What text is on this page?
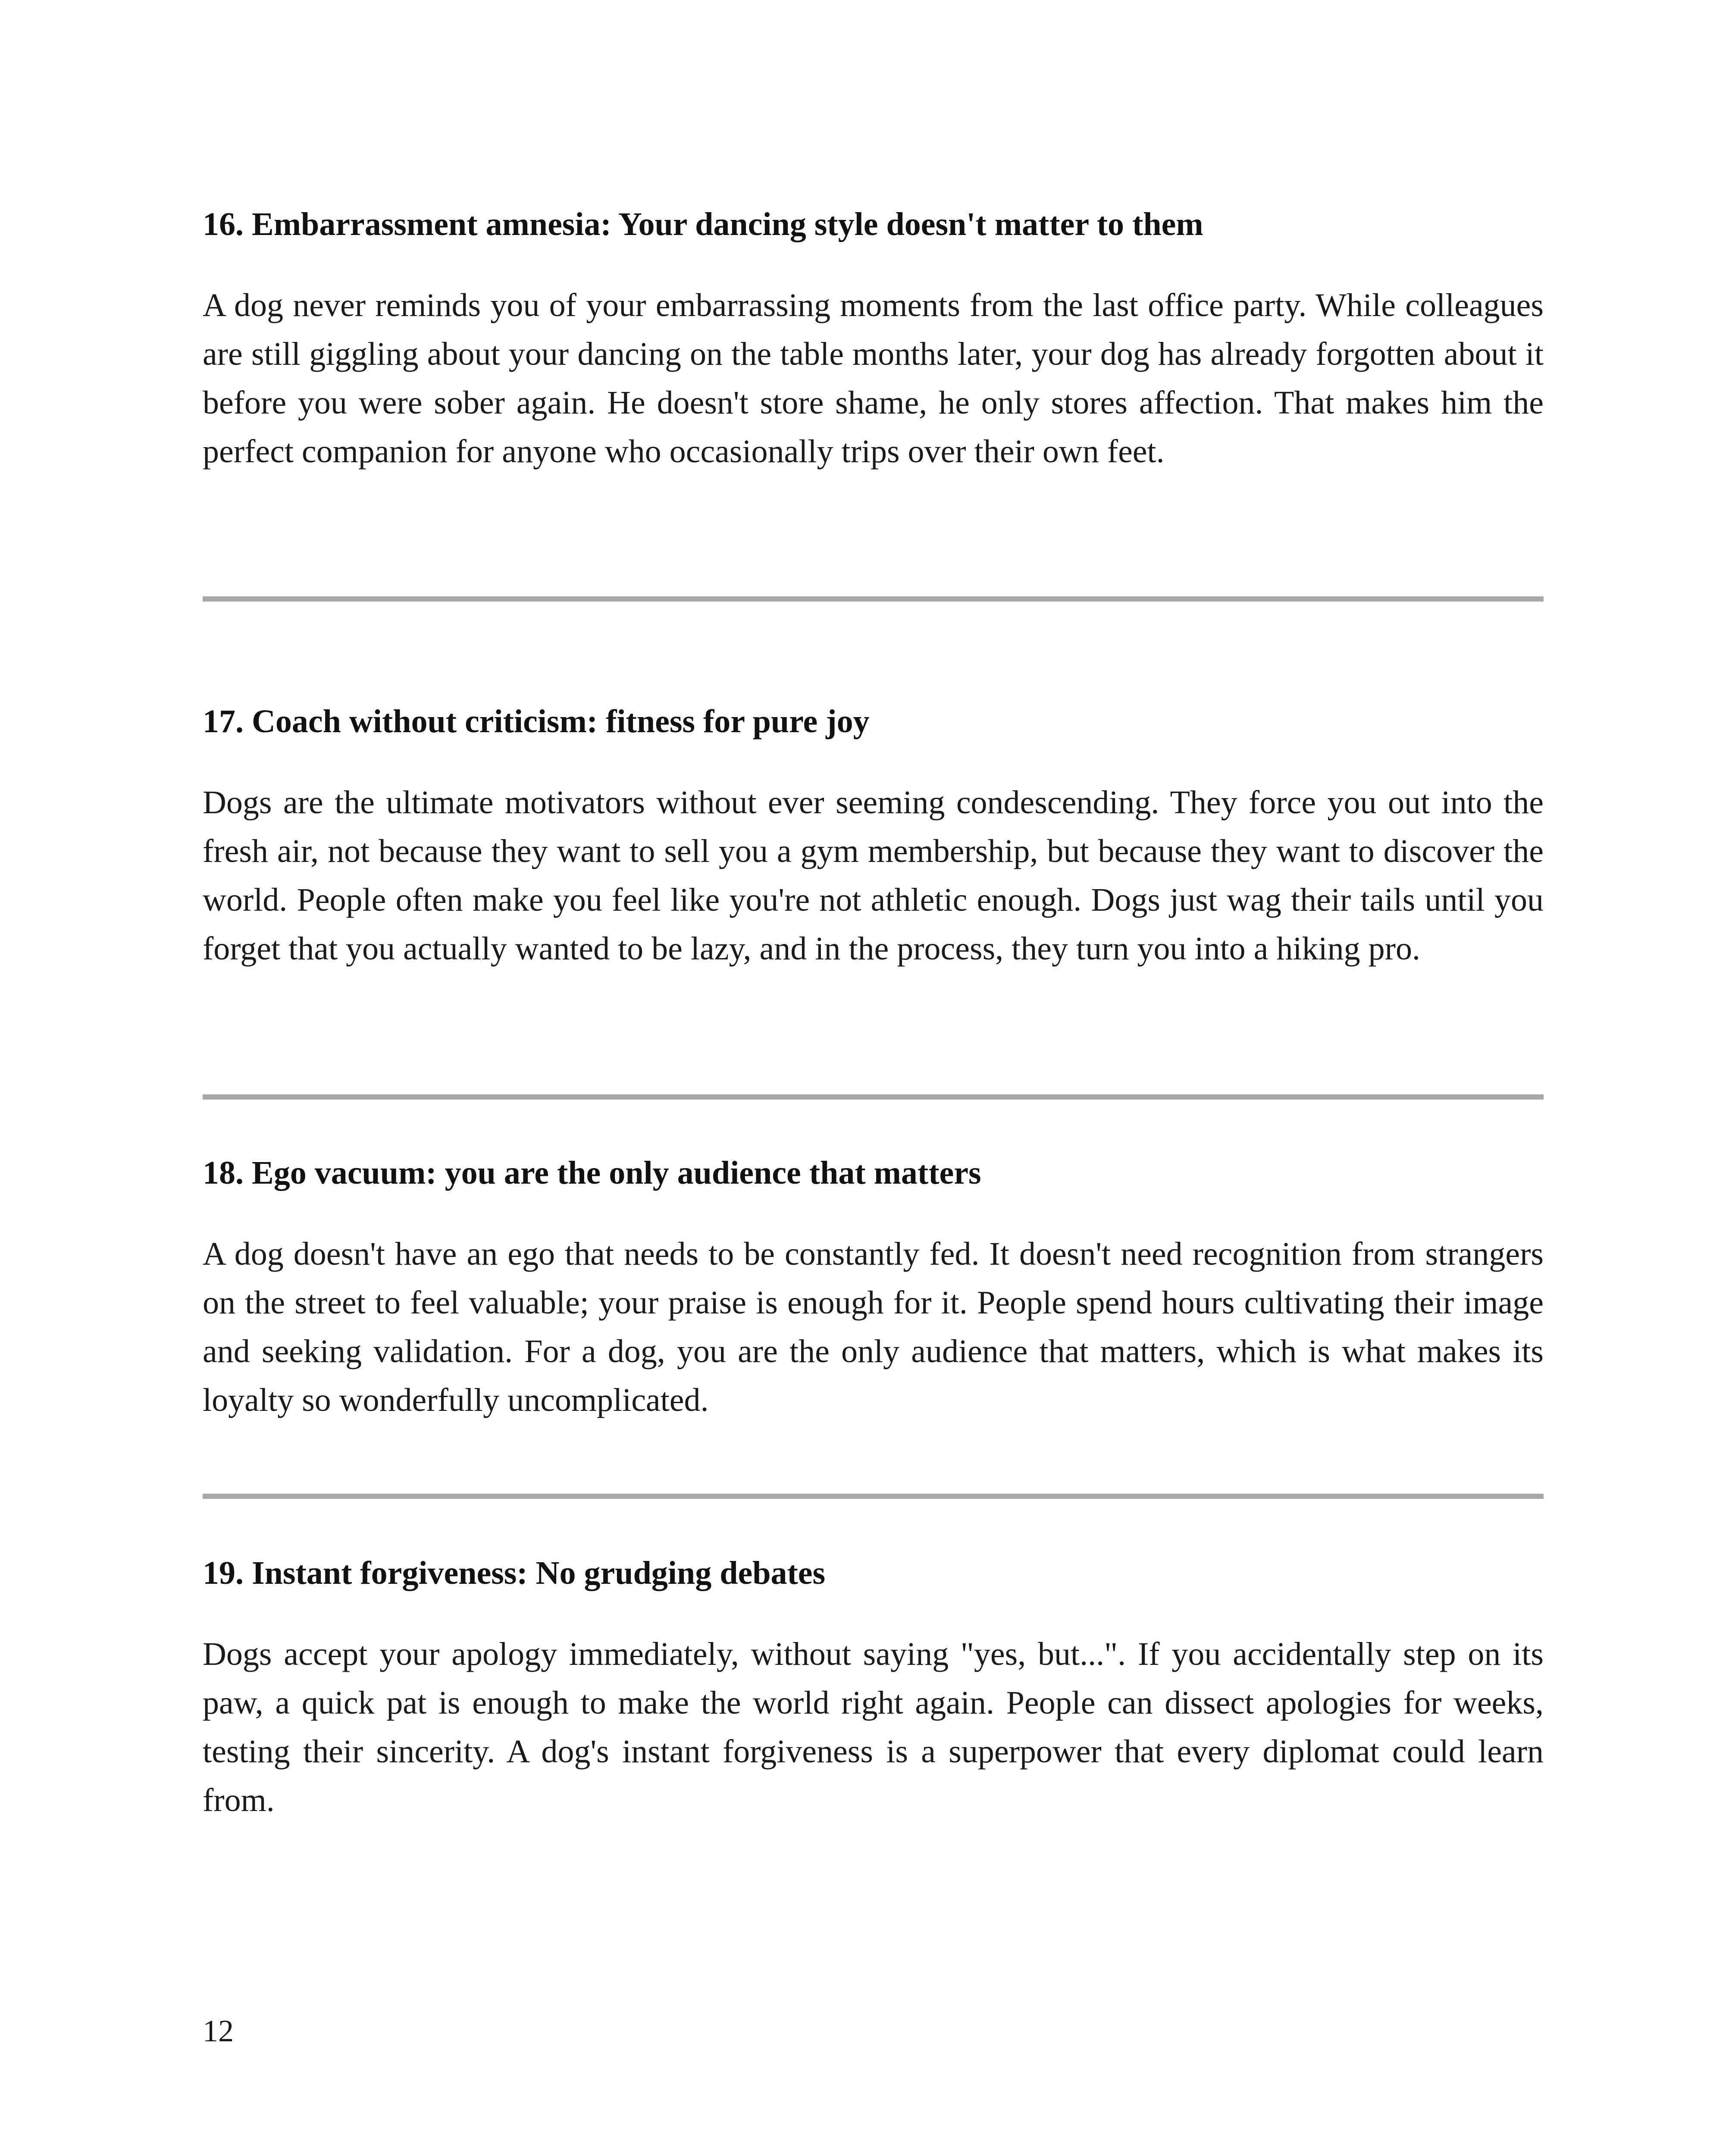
16. Embarrassment amnesia: Your dancing style doesn't matter to them

A dog never reminds you of your embarrassing moments from the last office party. While colleagues are still giggling about your dancing on the table months later, your dog has already forgotten about it before you were sober again. He doesn't store shame, he only stores affection. That makes him the perfect companion for anyone who occasionally trips over their own feet.

17. Coach without criticism: fitness for pure joy

Dogs are the ultimate motivators without ever seeming condescending. They force you out into the fresh air, not because they want to sell you a gym membership, but because they want to discover the world. People often make you feel like you're not athletic enough. Dogs just wag their tails until you forget that you actually wanted to be lazy, and in the process, they turn you into a hiking pro.

18. Ego vacuum: you are the only audience that matters

A dog doesn't have an ego that needs to be constantly fed. It doesn't need recognition from strangers on the street to feel valuable; your praise is enough for it. People spend hours cultivating their image and seeking validation. For a dog, you are the only audience that matters, which is what makes its loyalty so wonderfully uncomplicated.

19. Instant forgiveness: No grudging debates

Dogs accept your apology immediately, without saying "yes, but...". If you accidentally step on its paw, a quick pat is enough to make the world right again. People can dissect apologies for weeks, testing their sincerity. A dog's instant forgiveness is a superpower that every diplomat could learn from.

12
